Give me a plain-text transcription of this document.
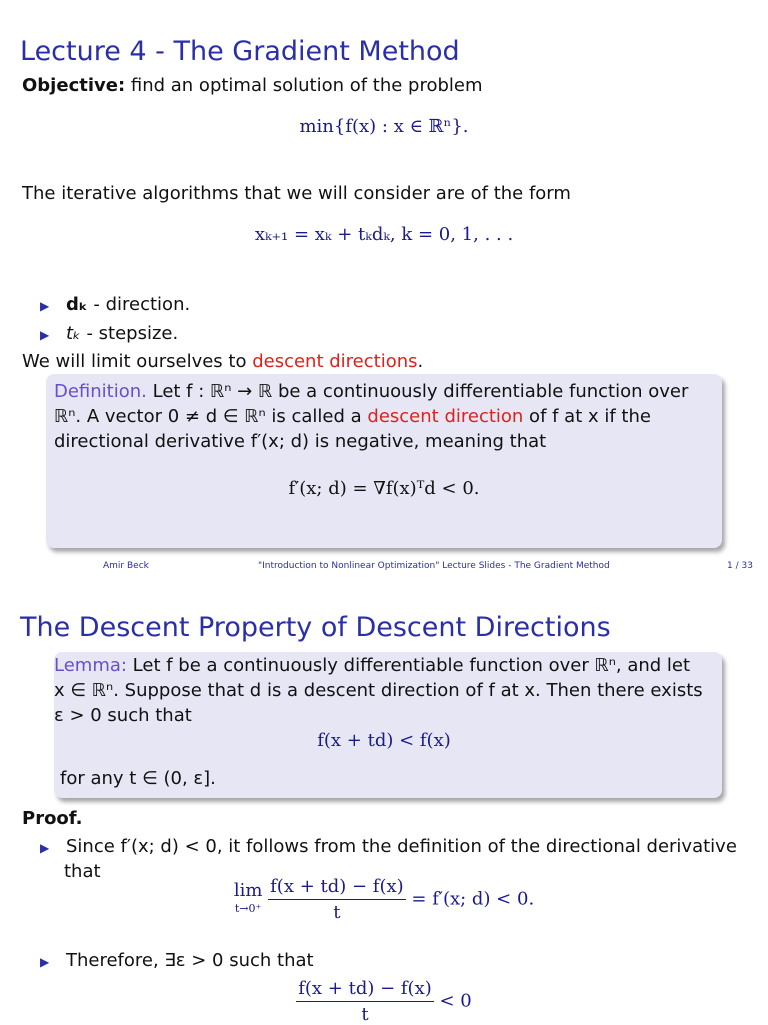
Lecture 4 - The Gradient Method
Objective: find an optimal solution of the problem
min{f(x) : x ∈ ℝⁿ}.
The iterative algorithms that we will consider are of the form
xₖ₊₁ = xₖ + tₖdₖ, k = 0, 1, . . .
▶ dₖ - direction.
▶ tₖ - stepsize.
We will limit ourselves to descent directions.
Definition. Let f : ℝⁿ → ℝ be a continuously differentiable function over
ℝⁿ. A vector 0 ≠ d ∈ ℝⁿ is called a descent direction of f at x if the
directional derivative f′(x; d) is negative, meaning that
f′(x; d) = ∇f(x)ᵀd < 0.
Amir Beck	"Introduction to Nonlinear Optimization" Lecture Slides - The Gradient Method	1 / 33
The Descent Property of Descent Directions
Lemma: Let f be a continuously differentiable function over ℝⁿ, and let
x ∈ ℝⁿ. Suppose that d is a descent direction of f at x. Then there exists
ε > 0 such that
f(x + td) < f(x)
for any t ∈ (0, ε].
Proof.
▶ Since f′(x; d) < 0, it follows from the definition of the directional derivative
that
lim
t→0⁺
$\frac{f(x + td) - f(x)}{t} = f'(x$; d) < 0.
▶ Therefore, ∃ε > 0 such that
$\frac{f(x + td) - f(x)}{t} < 0$
